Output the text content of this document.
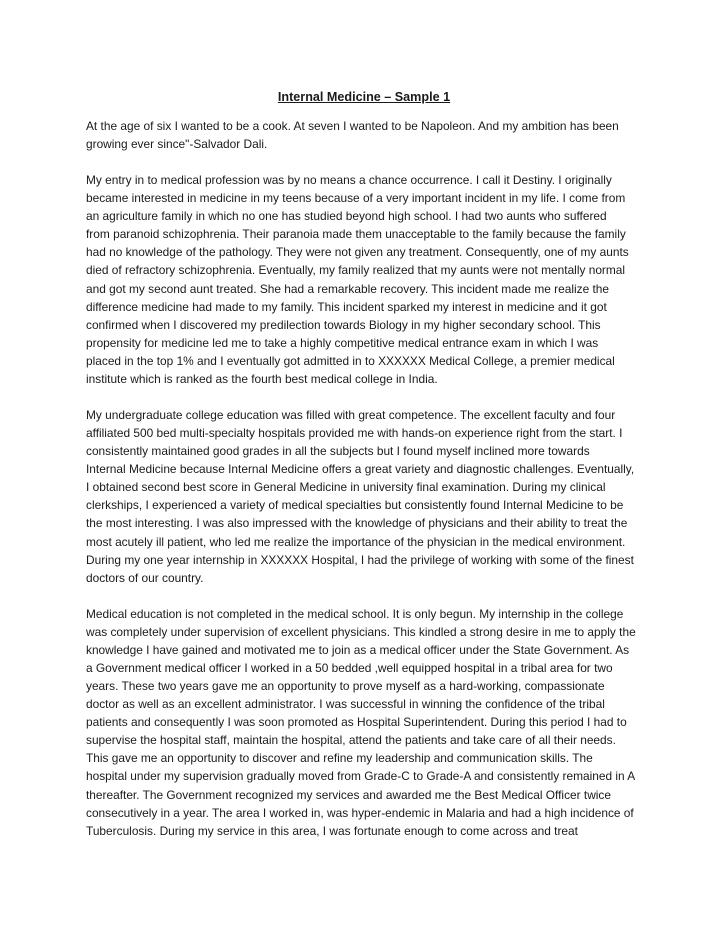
Internal Medicine – Sample 1

At the age of six I wanted to be a cook. At seven I wanted to be Napoleon. And my ambition has been
growing ever since"-Salvador Dali.

My entry in to medical profession was by no means a chance occurrence. I call it Destiny. I originally
became interested in medicine in my teens because of a very important incident in my life. I come from
an agriculture family in which no one has studied beyond high school. I had two aunts who suffered
from paranoid schizophrenia. Their paranoia made them unacceptable to the family because the family
had no knowledge of the pathology. They were not given any treatment. Consequently, one of my aunts
died of refractory schizophrenia. Eventually, my family realized that my aunts were not mentally normal
and got my second aunt treated. She had a remarkable recovery. This incident made me realize the
difference medicine had made to my family. This incident sparked my interest in medicine and it got
confirmed when I discovered my predilection towards Biology in my higher secondary school. This
propensity for medicine led me to take a highly competitive medical entrance exam in which I was
placed in the top 1% and I eventually got admitted in to XXXXXX Medical College, a premier medical
institute which is ranked as the fourth best medical college in India.

My undergraduate college education was filled with great competence. The excellent faculty and four
affiliated 500 bed multi-specialty hospitals provided me with hands-on experience right from the start. I
consistently maintained good grades in all the subjects but I found myself inclined more towards
Internal Medicine because Internal Medicine offers a great variety and diagnostic challenges. Eventually,
I obtained second best score in General Medicine in university final examination. During my clinical
clerkships, I experienced a variety of medical specialties but consistently found Internal Medicine to be
the most interesting. I was also impressed with the knowledge of physicians and their ability to treat the
most acutely ill patient, who led me realize the importance of the physician in the medical environment.
During my one year internship in XXXXXX Hospital, I had the privilege of working with some of the finest
doctors of our country.

Medical education is not completed in the medical school. It is only begun. My internship in the college
was completely under supervision of excellent physicians. This kindled a strong desire in me to apply the
knowledge I have gained and motivated me to join as a medical officer under the State Government. As
a Government medical officer I worked in a 50 bedded ,well equipped hospital in a tribal area for two
years. These two years gave me an opportunity to prove myself as a hard-working, compassionate
doctor as well as an excellent administrator. I was successful in winning the confidence of the tribal
patients and consequently I was soon promoted as Hospital Superintendent. During this period I had to
supervise the hospital staff, maintain the hospital, attend the patients and take care of all their needs.
This gave me an opportunity to discover and refine my leadership and communication skills. The
hospital under my supervision gradually moved from Grade-C to Grade-A and consistently remained in A
thereafter. The Government recognized my services and awarded me the Best Medical Officer twice
consecutively in a year. The area I worked in, was hyper-endemic in Malaria and had a high incidence of
Tuberculosis. During my service in this area, I was fortunate enough to come across and treat
